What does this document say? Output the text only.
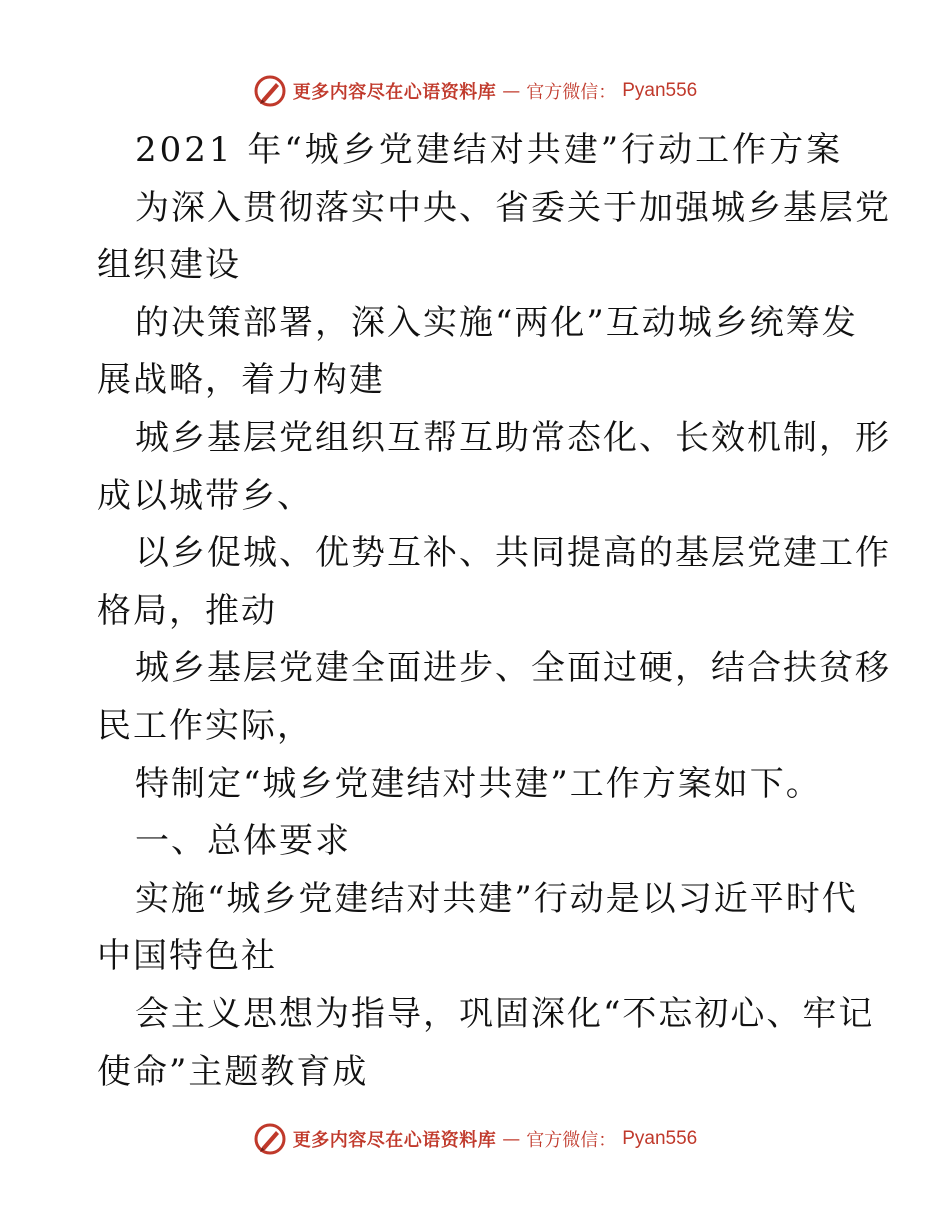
更多内容尽在心语资料库 — 官方微信： Pyan556
2021 年“城乡党建结对共建”行动工作方案
为深入贯彻落实中央、省委关于加强城乡基层党
组织建设
的决策部署，深入实施“两化”互动城乡统筹发
展战略，着力构建
城乡基层党组织互帮互助常态化、长效机制，形
成以城带乡、
以乡促城、优势互补、共同提高的基层党建工作
格局，推动
城乡基层党建全面进步、全面过硬，结合扶贫移
民工作实际，
特制定“城乡党建结对共建”工作方案如下。
一、总体要求
实施“城乡党建结对共建”行动是以习近平时代
中国特色社
会主义思想为指导，巩固深化“不忘初心、牢记
使命”主题教育成
更多内容尽在心语资料库 — 官方微信： Pyan556
